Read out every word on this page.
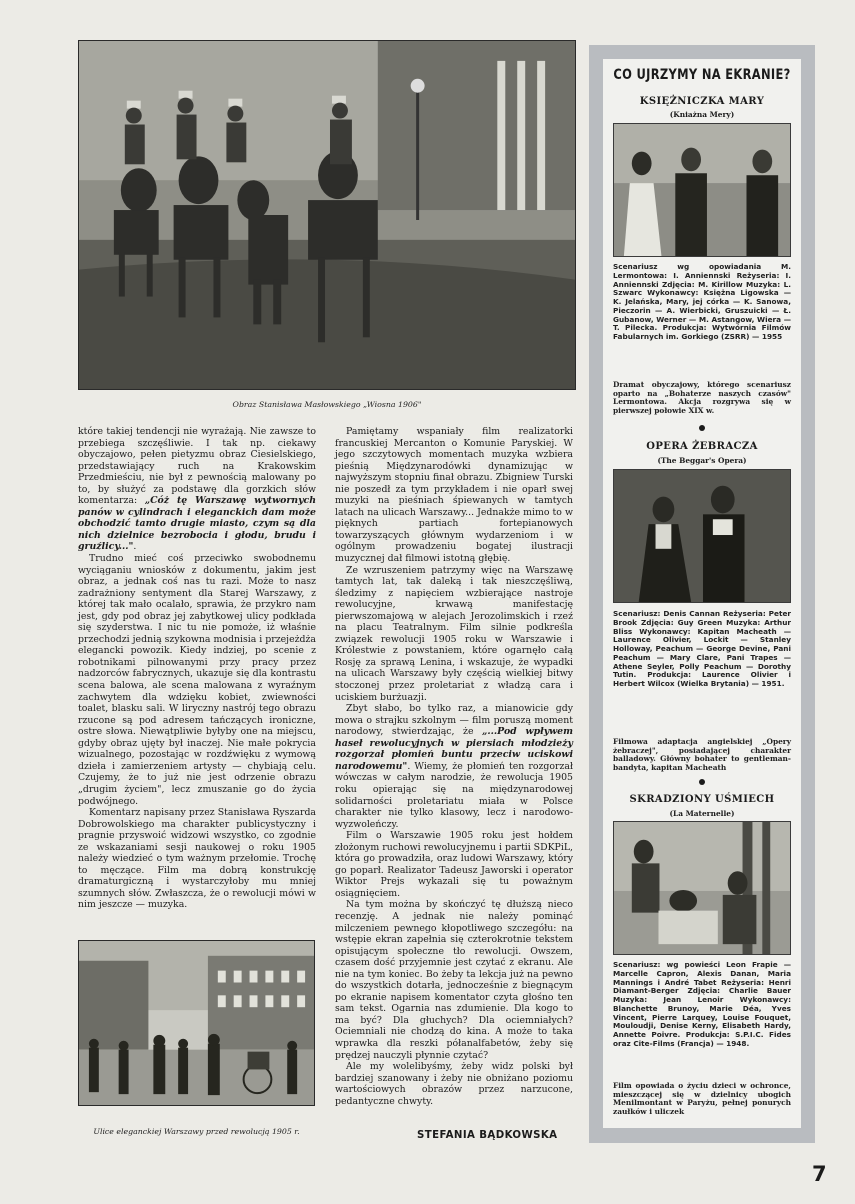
Obraz Stanisława Masłowskiego „Wiosna 1906"

które takiej tendencji nie wyrażają. Nie zawsze to przebiega szczęśliwie. I tak np. ciekawy obyczajowo, pełen pietyzmu obraz Ciesielskiego, przedstawiający ruch na Krakowskim Przedmieściu, nie był z pewnością malowany po to, by służyć za podstawę dla gorzkich słów komentarza: „Cóż tę Warszawę wytwornych panów w cylindrach i eleganckich dam może obchodzić tamto drugie miasto, czym są dla nich dzielnice bezrobocia i głodu, brudu i gruźlicy...".

Trudno mieć coś przeciwko swobodnemu wyciąganiu wniosków z dokumentu, jakim jest obraz, a jednak coś nas tu razi. Może to nasz zadrażniony sentyment dla Starej Warszawy, z której tak mało ocalało, sprawia, że przykro nam jest, gdy pod obraz jej zabytkowej ulicy podkłada się szyderstwa. I nic tu nie pomoże, iż właśnie przechodzi jednią szykowna modnisia i przejeżdża elegancki powozik. Kiedy indziej, po scenie z robotnikami pilnowanymi przy pracy przez nadzorców fabrycznych, ukazuje się dla kontrastu scena balowa, ale scena malowana z wyraźnym zachwytem dla wdzięku kobiet, zwiewności toalet, blasku sali. W liryczny nastrój tego obrazu rzucone są pod adresem tańczących ironiczne, ostre słowa. Niewątpliwie byłyby one na miejscu, gdyby obraz ujęty był inaczej. Nie małe pokrycia wizualnego, pozostając w rozdźwięku z wymową dzieła i zamierzeniem artysty — chybiają celu. Czujemy, że to już nie jest odrzenie obrazu „drugim życiem", lecz zmuszanie go do życia podwójnego.

Komentarz napisany przez Stanisława Ryszarda Dobrowolskiego ma charakter publicystyczny i pragnie przyswoić widzowi wszystko, co zgodnie ze wskazaniami sesji naukowej o roku 1905 należy wiedzieć o tym ważnym przełomie. Trochę to męczące. Film ma dobrą konstrukcję dramaturgiczną i wystarczyłoby mu mniej szumnych słów. Zwłaszcza, że o rewolucji mówi w nim jeszcze — muzyka.

Pamiętamy wspaniały film realizatorki francuskiej Mercanton o Komunie Paryskiej. W jego szczytowych momentach muzyka wzbiera pieśnią Międzynarodówki dynamizując w najwyższym stopniu finał obrazu. Zbigniew Turski nie poszedł za tym przykładem i nie oparł swej muzyki na pieśniach śpiewanych w tamtych latach na ulicach Warszawy... Jednakże mimo to w pięknych partiach fortepianowych towarzyszących głównym wydarzeniom i w ogólnym prowadzeniu bogatej ilustracji muzycznej dał filmowi istotną głębię.

Ze wzruszeniem patrzymy więc na Warszawę tamtych lat, tak daleką i tak nieszczęśliwą, śledzimy z napięciem wzbierające nastroje rewolucyjne, krwawą manifestację pierwszomajową w alejach Jerozolimskich i rzeź na placu Teatralnym. Film silnie podkreśla związek rewolucji 1905 roku w Warszawie i Królestwie z powstaniem, które ogarnęło całą Rosję za sprawą Lenina, i wskazuje, że wypadki na ulicach Warszawy były częścią wielkiej bitwy stoczonej przez proletariat z władzą cara i uciskiem burżuazji.

Zbyt słabo, bo tylko raz, a mianowicie gdy mowa o strajku szkolnym — film poruszą moment narodowy, stwierdzając, że „...Pod wpływem haseł rewolucyjnych w piersiach młodzieży rozgorzał płomień buntu przeciw uciskowi narodowemu". Wiemy, że płomień ten rozgorzał wówczas w całym narodzie, że rewolucja 1905 roku opierając się na międzynarodowej solidarności proletariatu miała w Polsce charakter nie tylko klasowy, lecz i narodowo-wyzwoleńczy.

Film o Warszawie 1905 roku jest hołdem złożonym ruchowi rewolucyjnemu i partii SDKPiL, która go prowadziła, oraz ludowi Warszawy, który go poparł. Realizator Tadeusz Jaworski i operator Wiktor Prejs wykazali się tu poważnym osiągnięciem.

Na tym można by skończyć tę dłuższą nieco recenzję. A jednak nie należy pominąć milczeniem pewnego kłopotliwego szczegółu: na wstępie ekran zapełnia się czterokrotnie tekstem opisującym społeczne tło rewolucji. Owszem, czasem dość przyjemnie jest czytać z ekranu. Ale nie na tym koniec. Bo żeby ta lekcja już na pewno do wszystkich dotarła, jednocześnie z biegnącym po ekranie napisem komentator czyta głośno ten sam tekst. Ogarnia nas zdumienie. Dla kogo to ma być? Dla głuchych? Dla ociemniałych? Ociemniali nie chodzą do kina. A może to taka wprawka dla reszki półanalfabetów, żeby się prędzej nauczyli płynnie czytać?

Ale my wolelibyśmy, żeby widz polski był bardziej szanowany i żeby nie obniżano poziomu wartościowych obrazów przez narzucone, pedantyczne chwyty.

Ulice eleganckiej Warszawy przed rewolucją 1905 r.	STEFANIA BĄDKOWSKA
CO UJRZYMY NA EKRANIE?
KSIĘŻNICZKA MARY
(Kniażna Mery)
Scenariusz wg opowiadania M. Lermontowa: I. Anniennski Reżyseria: I. Anniennski Zdjęcia: M. Kirillow Muzyka: L. Szwarc Wykonawcy: Księżna Ligowska — K. Jelańska, Mary, jej córka — K. Sanowa, Pieczorin — A. Wierbicki, Gruszuicki — Ł. Gubanow, Werner — M. Astangow, Wiera — T. Pilecka. Produkcja: Wytwórnia Filmów Fabularnych im. Gorkiego (ZSRR) — 1955
Dramat obyczajowy, którego scenariusz oparto na „Bohaterze naszych czasów" Lermontowa. Akcja rozgrywa się w pierwszej połowie XIX w.
OPERA ŻEBRACZA
(The Beggar's Opera)
Scenariusz: Denis Cannan Reżyseria: Peter Brook Zdjęcia: Guy Green Muzyka: Arthur Bliss Wykonawcy: Kapitan Macheath — Laurence Olivier, Lockit — Stanley Holloway, Peachum — George Devine, Pani Peachum — Mary Clare, Pani Trapes — Athene Seyler, Polly Peachum — Dorothy Tutin. Produkcja: Laurence Olivier i Herbert Wilcox (Wielka Brytania) — 1951.
Filmowa adaptacja angielskiej „Opery żebraczej", posiadającej charakter balladowy. Główny bohater to gentleman-bandyta, kapitan Macheath
SKRADZIONY UŚMIECH
(La Maternelle)
Scenariusz: wg powieści Leon Frapie — Marcelle Capron, Alexis Danan, Maria Mannings i André Tabet Reżyseria: Henri Diamant-Berger Zdjęcia: Charlie Bauer Muzyka: Jean Lenoir Wykonawcy: Blanchette Brunoy, Marie Déa, Yves Vincent, Pierre Larquey, Louise Fouquet, Mouloudji, Denise Kerny, Elisabeth Hardy, Annette Poivre. Produkcja: S.P.I.C. Fides oraz Cite-Films (Francja) — 1948.
Film opowiada o życiu dzieci w ochronce, mieszczącej się w dzielnicy ubogich Menilmontant w Paryżu, pełnej ponurych zaułków i uliczek
7
